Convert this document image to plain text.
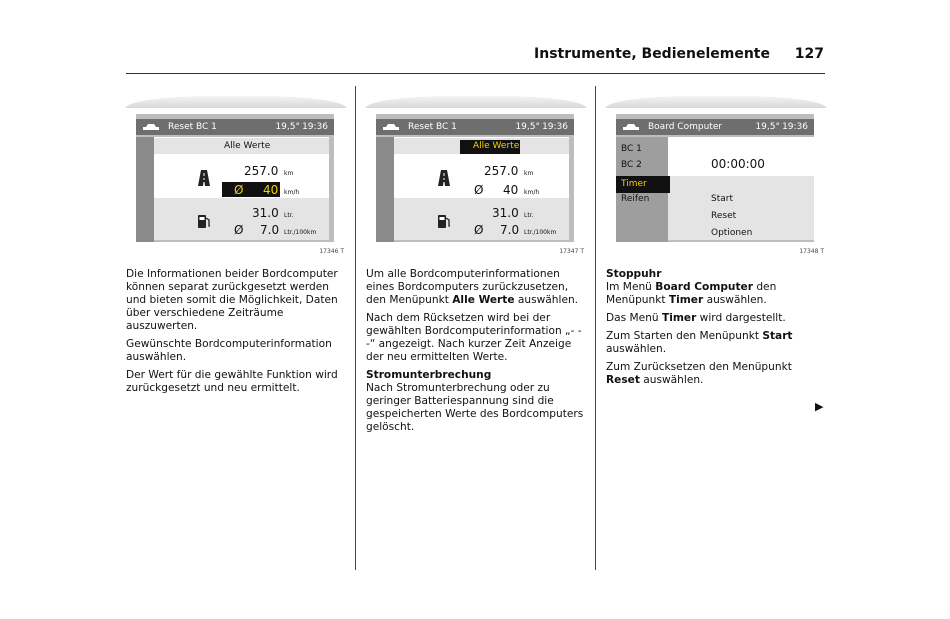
Instrumente, Bedienelemente 127
Reset BC 1	19,5° 19:36
Alle Werte
257.0 km
Ø 40 km/h
31.0 Ltr.
Ø 7.0 Ltr./100km
17346 T
Reset BC 1	19,5° 19:36
Alle Werte
257.0 km
Ø 40 km/h
31.0 Ltr.
Ø 7.0 Ltr./100km
17347 T
Board Computer	19,5° 19:36
BC 1
BC 2
Timer
Reifen
00:00:00
Start
Reset
Optionen
17348 T

Die Informationen beider Bordcomputer können separat zurückgesetzt werden und bieten somit die Möglichkeit, Daten über verschiedene Zeiträume auszuwerten.

Gewünschte Bordcomputerinformation auswählen.

Der Wert für die gewählte Funktion wird zurückgesetzt und neu ermittelt.

Um alle Bordcomputerinformationen eines Bordcomputers zurückzusetzen, den Menüpunkt Alle Werte auswählen.

Nach dem Rücksetzen wird bei der gewählten Bordcomputerinformation „- - -“ angezeigt. Nach kurzer Zeit Anzeige der neu ermittelten Werte.

Stromunterbrechung

Nach Stromunterbrechung oder zu geringer Batteriespannung sind die gespeicherten Werte des Bordcomputers gelöscht.

Stoppuhr

Im Menü Board Computer den Menüpunkt Timer auswählen.

Das Menü Timer wird dargestellt.

Zum Starten den Menüpunkt Start auswählen.

Zum Zurücksetzen den Menüpunkt Reset auswählen.

▶
